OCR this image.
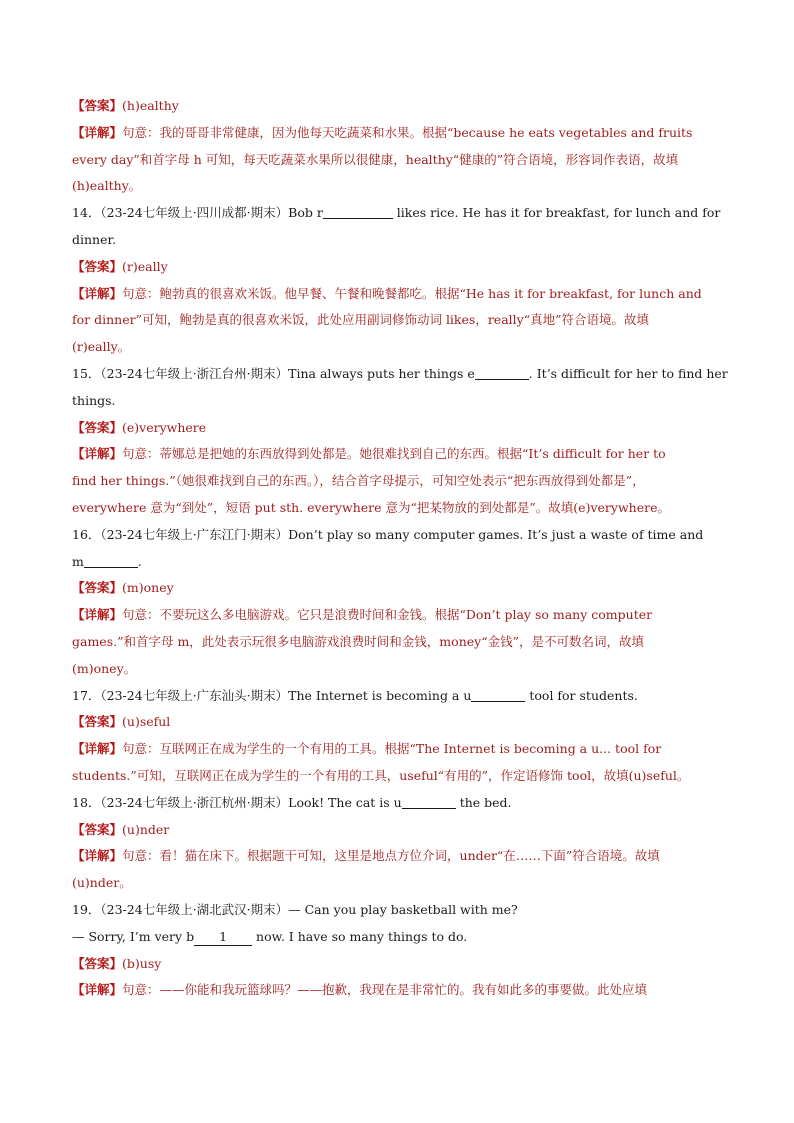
【答案】(h)ealthy
【详解】句意：我的哥哥非常健康，因为他每天吃蔬菜和水果。根据“because he eats vegetables and fruits
every day”和首字母 h 可知，每天吃蔬菜水果所以很健康，healthy“健康的”符合语境，形容词作表语，故填
(h)ealthy。
14．（23-24七年级上·四川成都·期末）Bob r	likes rice. He has it for breakfast, for lunch and for
dinner.
【答案】(r)eally
【详解】句意：鲍勃真的很喜欢米饭。他早餐、午餐和晚餐都吃。根据“He has it for breakfast, for lunch and
for dinner”可知，鲍勃是真的很喜欢米饭，此处应用副词修饰动词 likes，really“真地”符合语境。故填
(r)eally。
15．（23-24七年级上·浙江台州·期末）Tina always puts her things e	. It’s difficult for her to find her
things.
【答案】(e)verywhere
【详解】句意：蒂娜总是把她的东西放得到处都是。她很难找到自己的东西。根据“It’s difficult for her to
find her things.”（她很难找到自己的东西。），结合首字母提示，可知空处表示“把东西放得到处都是”，
everywhere 意为“到处”，短语 put sth. everywhere 意为“把某物放的到处都是”。故填(e)verywhere。
16．（23-24七年级上·广东江门·期末）Don’t play so many computer games. It’s just a waste of time and
m	.
【答案】(m)oney
【详解】句意：不要玩这么多电脑游戏。它只是浪费时间和金钱。根据“Don’t play so many computer
games.”和首字母 m，此处表示玩很多电脑游戏浪费时间和金钱，money“金钱”，是不可数名词，故填
(m)oney。
17．（23-24七年级上·广东汕头·期末）The Internet is becoming a u	tool for students.
【答案】(u)seful
【详解】句意：互联网正在成为学生的一个有用的工具。根据“The Internet is becoming a u... tool for
students.”可知，互联网正在成为学生的一个有用的工具，useful“有用的”，作定语修饰 tool，故填(u)seful。
18．（23-24七年级上·浙江杭州·期末）Look! The cat is u	the bed.
【答案】(u)nder
【详解】句意：看！猫在床下。根据题干可知，这里是地点方位介词，under“在……下面”符合语境。故填
(u)nder。
19．（23-24七年级上·湖北武汉·期末）— Can you play basketball with me?
— Sorry, I’m very b 1 now. I have so many things to do.
【答案】(b)usy
【详解】句意：——你能和我玩篮球吗？——抱歉，我现在是非常忙的。我有如此多的事要做。此处应填
